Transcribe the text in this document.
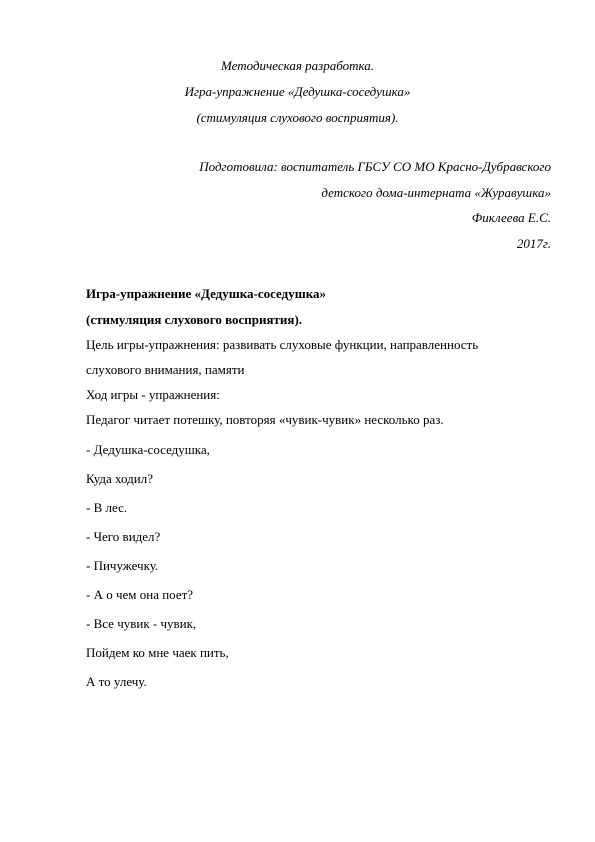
Методическая разработка.
Игра-упражнение «Дедушка-соседушка»
(стимуляция слухового восприятия).
Подготовила: воспитатель ГБСУ СО МО Красно-Дубравского
детского дома-интерната «Журавушка»
Фиклеева Е.С.
2017г.
Игра-упражнение «Дедушка-соседушка»
(стимуляция слухового восприятия).
Цель игры-упражнения: развивать слуховые функции, направленность
слухового внимания, памяти
Ход игры - упражнения:
Педагог читает потешку, повторяя «чувик-чувик» несколько раз.
- Дедушка-соседушка,
Куда ходил?
- В лес.
- Чего видел?
- Пичужечку.
- А о чем она поет?
- Все чувик - чувик,
Пойдем ко мне чаек пить,
А то улечу.
